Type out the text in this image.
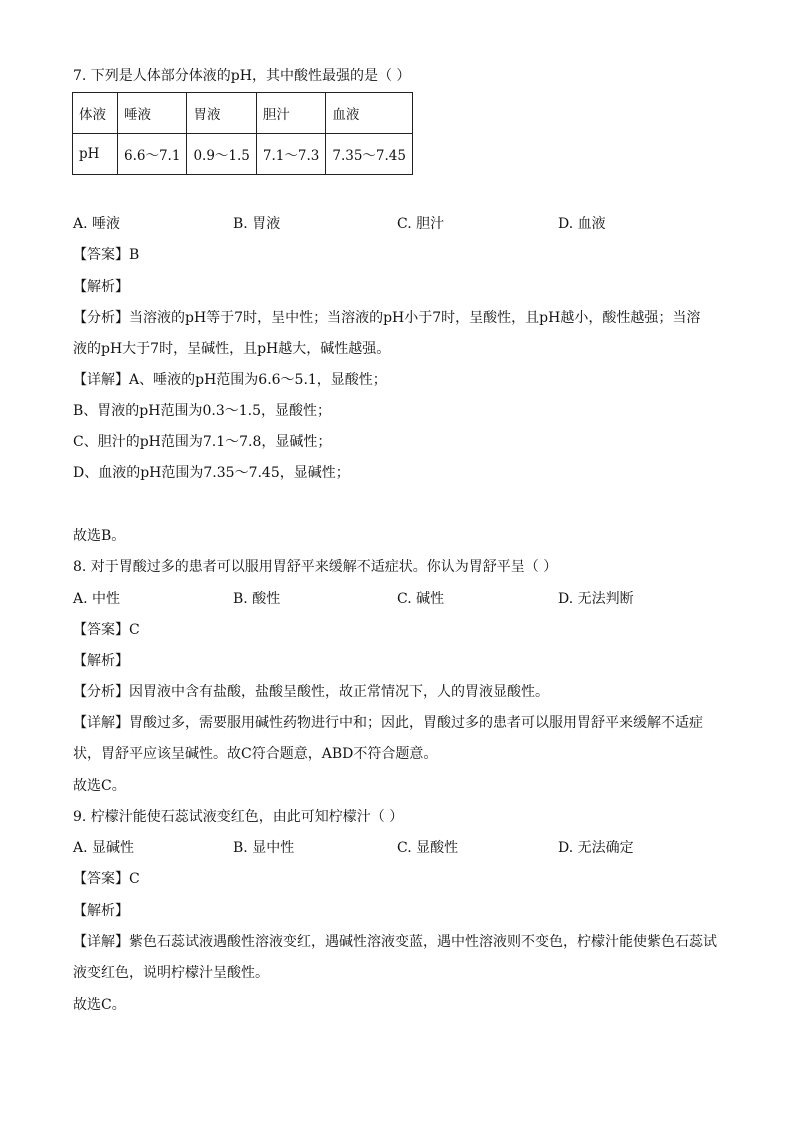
7. 下列是人体部分体液的pH，其中酸性最强的是（ ）
体液	唾液	胃液	胆汁	血液
pH	6.6～7.1	0.9～1.5	7.1～7.3	7.35～7.45
A. 唾液	B. 胃液	C. 胆汁	D. 血液
【答案】B
【解析】
【分析】当溶液的pH等于7时，呈中性；当溶液的pH小于7时，呈酸性，且pH越小，酸性越强；当溶
液的pH大于7时，呈碱性，且pH越大，碱性越强。
【详解】A、唾液的pH范围为6.6～5.1，显酸性；
B、胃液的pH范围为0.3～1.5，显酸性；
C、胆汁的pH范围为7.1～7.8，显碱性；
D、血液的pH范围为7.35～7.45，显碱性；
故选B。
8. 对于胃酸过多的患者可以服用胃舒平来缓解不适症状。你认为胃舒平呈（ ）
A. 中性	B. 酸性	C. 碱性	D. 无法判断
【答案】C
【解析】
【分析】因胃液中含有盐酸，盐酸呈酸性，故正常情况下，人的胃液显酸性。
【详解】胃酸过多，需要服用碱性药物进行中和；因此，胃酸过多的患者可以服用胃舒平来缓解不适症
状，胃舒平应该呈碱性。故C符合题意，ABD不符合题意。
故选C。
9. 柠檬汁能使石蕊试液变红色，由此可知柠檬汁（ ）
A. 显碱性	B. 显中性	C. 显酸性	D. 无法确定
【答案】C
【解析】
【详解】紫色石蕊试液遇酸性溶液变红，遇碱性溶液变蓝，遇中性溶液则不变色，柠檬汁能使紫色石蕊试
液变红色，说明柠檬汁呈酸性。
故选C。
